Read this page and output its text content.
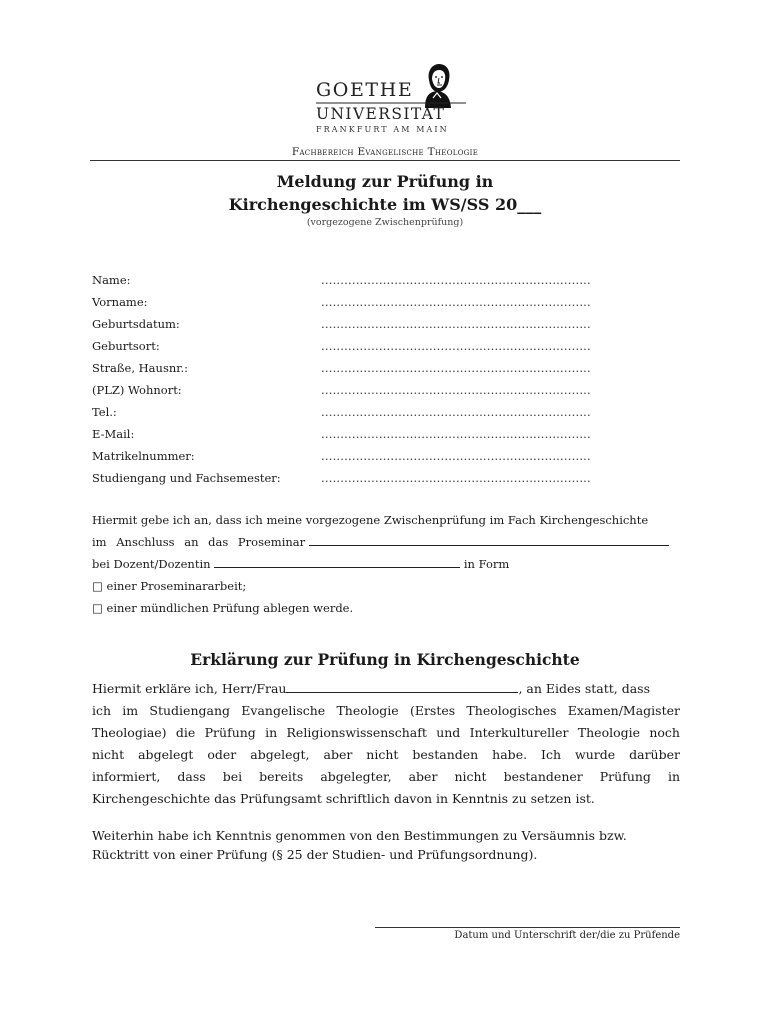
GOETHE
UNIVERSITÄT
FRANKFURT AM MAIN
Fachbereich Evangelische Theologie
Meldung zur Prüfung in
Kirchengeschichte im WS/SS 20___
(vorgezogene Zwischenprüfung)
Name:	......................................................................
Vorname:	......................................................................
Geburtsdatum:	......................................................................
Geburtsort:	......................................................................
Straße, Hausnr.:	......................................................................
(PLZ) Wohnort:	......................................................................
Tel.:	......................................................................
E-Mail:	......................................................................
Matrikelnummer:	......................................................................
Studiengang und Fachsemester:	......................................................................
Hiermit gebe ich an, dass ich meine vorgezogene Zwischenprüfung im Fach Kirchengeschichte
im Anschluss an das Proseminar
bei Dozent/Dozentin	in Form
□ einer Proseminararbeit;
□ einer mündlichen Prüfung ablegen werde.
Erklärung zur Prüfung in Kirchengeschichte
Hiermit erkläre ich, Herr/Frau	, an Eides statt, dass
ich im Studiengang Evangelische Theologie (Erstes Theologisches Examen/Magister
Theologiae) die Prüfung in Religionswissenschaft und Interkultureller Theologie noch
nicht abgelegt oder abgelegt, aber nicht bestanden habe. Ich wurde darüber
informiert, dass bei bereits abgelegter, aber nicht bestandener Prüfung in
Kirchengeschichte das Prüfungsamt schriftlich davon in Kenntnis zu setzen ist.
Weiterhin habe ich Kenntnis genommen von den Bestimmungen zu Versäumnis bzw. Rücktritt von einer Prüfung (§ 25 der Studien- und Prüfungsordnung).
Datum und Unterschrift der/die zu Prüfende
